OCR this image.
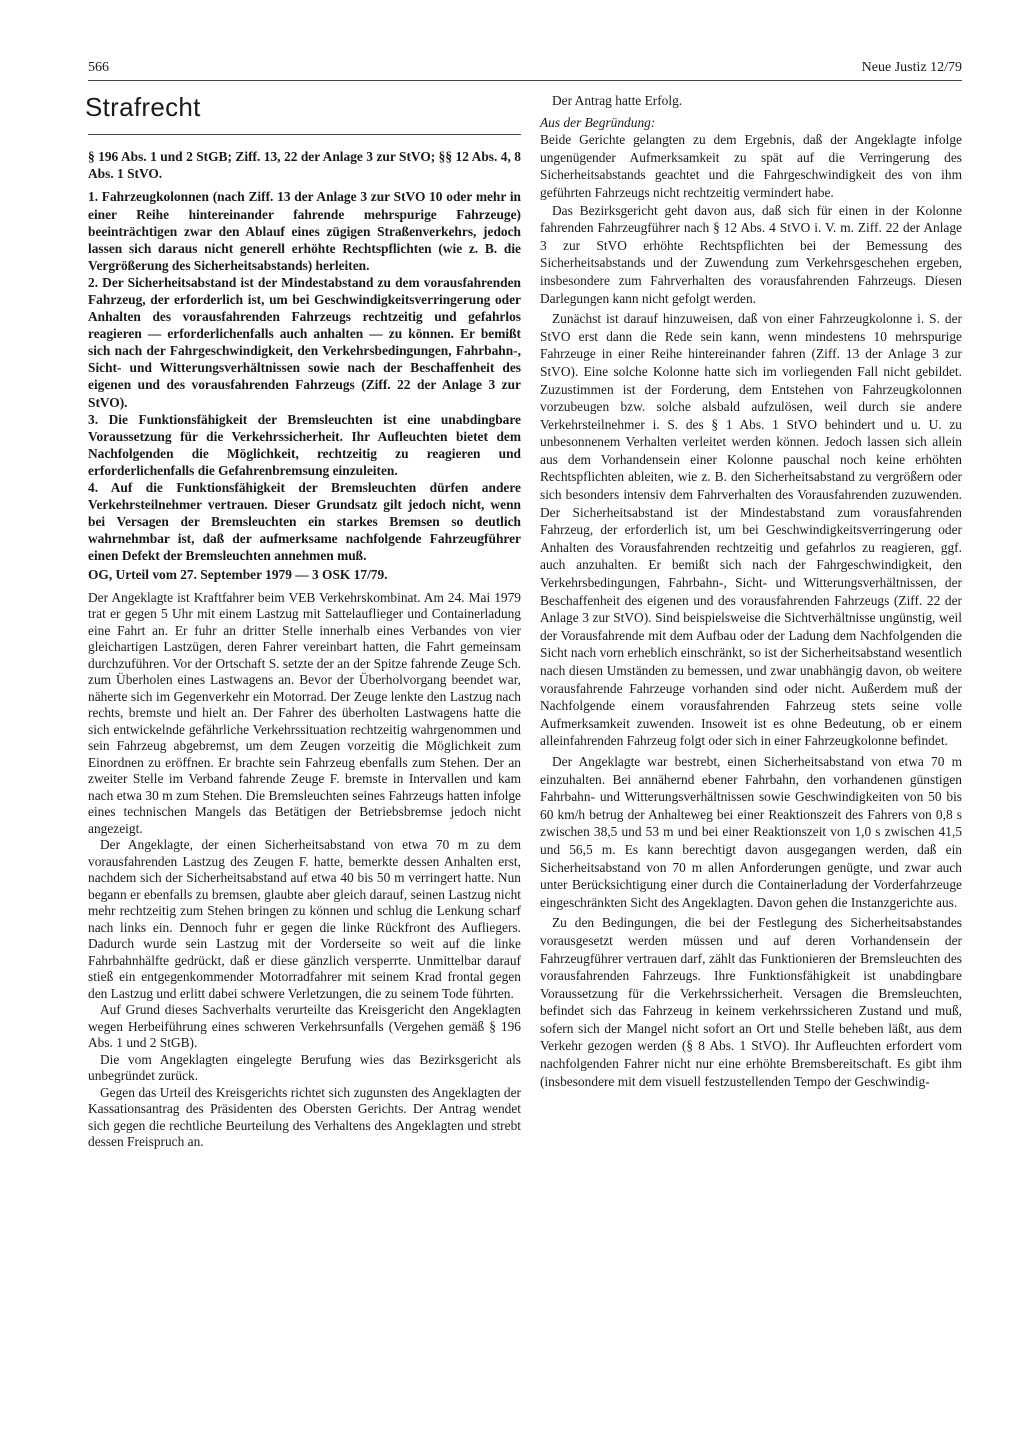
566	Neue Justiz 12/79
Strafrecht

§ 196 Abs. 1 und 2 StGB; Ziff. 13, 22 der Anlage 3 zur StVO; §§ 12 Abs. 4, 8 Abs. 1 StVO.

1. Fahrzeugkolonnen (nach Ziff. 13 der Anlage 3 zur StVO 10 oder mehr in einer Reihe hintereinander fahrende mehrspurige Fahrzeuge) beeinträchtigen zwar den Ablauf eines zügigen Straßenverkehrs, jedoch lassen sich daraus nicht generell erhöhte Rechtspflichten (wie z. B. die Vergrößerung des Sicherheitsabstands) herleiten.

2. Der Sicherheitsabstand ist der Mindestabstand zu dem vorausfahrenden Fahrzeug, der erforderlich ist, um bei Geschwindigkeitsverringerung oder Anhalten des vorausfahrenden Fahrzeugs rechtzeitig und gefahrlos reagieren — erforderlichenfalls auch anhalten — zu können. Er bemißt sich nach der Fahrgeschwindigkeit, den Verkehrsbedingungen, Fahrbahn-, Sicht- und Witterungsverhältnissen sowie nach der Beschaffenheit des eigenen und des vorausfahrenden Fahrzeugs (Ziff. 22 der Anlage 3 zur StVO).

3. Die Funktionsfähigkeit der Bremsleuchten ist eine unabdingbare Voraussetzung für die Verkehrssicherheit. Ihr Aufleuchten bietet dem Nachfolgenden die Möglichkeit, rechtzeitig zu reagieren und erforderlichenfalls die Gefahrenbremsung einzuleiten.

4. Auf die Funktionsfähigkeit der Bremsleuchten dürfen andere Verkehrsteilnehmer vertrauen. Dieser Grundsatz gilt jedoch nicht, wenn bei Versagen der Bremsleuchten ein starkes Bremsen so deutlich wahrnehmbar ist, daß der aufmerksame nachfolgende Fahrzeugführer einen Defekt der Bremsleuchten annehmen muß.

OG, Urteil vom 27. September 1979 — 3 OSK 17/79.

Der Angeklagte ist Kraftfahrer beim VEB Verkehrskombinat. Am 24. Mai 1979 trat er gegen 5 Uhr mit einem Lastzug mit Sattelauflieger und Containerladung eine Fahrt an. Er fuhr an dritter Stelle innerhalb eines Verbandes von vier gleichartigen Lastzügen, deren Fahrer vereinbart hatten, die Fahrt gemeinsam durchzuführen. Vor der Ortschaft S. setzte der an der Spitze fahrende Zeuge Sch. zum Überholen eines Lastwagens an. Bevor der Überholvorgang beendet war, näherte sich im Gegenverkehr ein Motorrad. Der Zeuge lenkte den Lastzug nach rechts, bremste und hielt an. Der Fahrer des überholten Lastwagens hatte die sich entwickelnde gefährliche Verkehrssituation rechtzeitig wahrgenommen und sein Fahrzeug abgebremst, um dem Zeugen vorzeitig die Möglichkeit zum Einordnen zu eröffnen. Er brachte sein Fahrzeug ebenfalls zum Stehen. Der an zweiter Stelle im Verband fahrende Zeuge F. bremste in Intervallen und kam nach etwa 30 m zum Stehen. Die Bremsleuchten seines Fahrzeugs hatten infolge eines technischen Mangels das Betätigen der Betriebsbremse jedoch nicht angezeigt.

Der Angeklagte, der einen Sicherheitsabstand von etwa 70 m zu dem vorausfahrenden Lastzug des Zeugen F. hatte, bemerkte dessen Anhalten erst, nachdem sich der Sicherheitsabstand auf etwa 40 bis 50 m verringert hatte. Nun begann er ebenfalls zu bremsen, glaubte aber gleich darauf, seinen Lastzug nicht mehr rechtzeitig zum Stehen bringen zu können und schlug die Lenkung scharf nach links ein. Dennoch fuhr er gegen die linke Rückfront des Aufliegers. Dadurch wurde sein Lastzug mit der Vorderseite so weit auf die linke Fahrbahnhälfte gedrückt, daß er diese gänzlich versperrte. Unmittelbar darauf stieß ein entgegenkommender Motorradfahrer mit seinem Krad frontal gegen den Lastzug und erlitt dabei schwere Verletzungen, die zu seinem Tode führten.

Auf Grund dieses Sachverhalts verurteilte das Kreisgericht den Angeklagten wegen Herbeiführung eines schweren Verkehrsunfalls (Vergehen gemäß § 196 Abs. 1 und 2 StGB).

Die vom Angeklagten eingelegte Berufung wies das Bezirksgericht als unbegründet zurück.

Gegen das Urteil des Kreisgerichts richtet sich zugunsten des Angeklagten der Kassationsantrag des Präsidenten des Obersten Gerichts. Der Antrag wendet sich gegen die rechtliche Beurteilung des Verhaltens des Angeklagten und strebt dessen Freispruch an.

Der Antrag hatte Erfolg.

Aus der Begründung:

Beide Gerichte gelangten zu dem Ergebnis, daß der Angeklagte infolge ungenügender Aufmerksamkeit zu spät auf die Verringerung des Sicherheitsabstands geachtet und die Fahrgeschwindigkeit des von ihm geführten Fahrzeugs nicht rechtzeitig vermindert habe.

Das Bezirksgericht geht davon aus, daß sich für einen in der Kolonne fahrenden Fahrzeugführer nach § 12 Abs. 4 StVO i. V. m. Ziff. 22 der Anlage 3 zur StVO erhöhte Rechtspflichten bei der Bemessung des Sicherheitsabstands und der Zuwendung zum Verkehrsgeschehen ergeben, insbesondere zum Fahrverhalten des vorausfahrenden Fahrzeugs. Diesen Darlegungen kann nicht gefolgt werden.

Zunächst ist darauf hinzuweisen, daß von einer Fahrzeugkolonne i. S. der StVO erst dann die Rede sein kann, wenn mindestens 10 mehrspurige Fahrzeuge in einer Reihe hintereinander fahren (Ziff. 13 der Anlage 3 zur StVO). Eine solche Kolonne hatte sich im vorliegenden Fall nicht gebildet. Zuzustimmen ist der Forderung, dem Entstehen von Fahrzeugkolonnen vorzubeugen bzw. solche alsbald aufzulösen, weil durch sie andere Verkehrsteilnehmer i. S. des § 1 Abs. 1 StVO behindert und u. U. zu unbesonnenem Verhalten verleitet werden können. Jedoch lassen sich allein aus dem Vorhandensein einer Kolonne pauschal noch keine erhöhten Rechtspflichten ableiten, wie z. B. den Sicherheitsabstand zu vergrößern oder sich besonders intensiv dem Fahrverhalten des Vorausfahrenden zuzuwenden. Der Sicherheitsabstand ist der Mindestabstand zum vorausfahrenden Fahrzeug, der erforderlich ist, um bei Geschwindigkeitsverringerung oder Anhalten des Vorausfahrenden rechtzeitig und gefahrlos zu reagieren, ggf. auch anzuhalten. Er bemißt sich nach der Fahrgeschwindigkeit, den Verkehrsbedingungen, Fahrbahn-, Sicht- und Witterungsverhältnissen, der Beschaffenheit des eigenen und des vorausfahrenden Fahrzeugs (Ziff. 22 der Anlage 3 zur StVO). Sind beispielsweise die Sichtverhältnisse ungünstig, weil der Vorausfahrende mit dem Aufbau oder der Ladung dem Nachfolgenden die Sicht nach vorn erheblich einschränkt, so ist der Sicherheitsabstand wesentlich nach diesen Umständen zu bemessen, und zwar unabhängig davon, ob weitere vorausfahrende Fahrzeuge vorhanden sind oder nicht. Außerdem muß der Nachfolgende einem vorausfahrenden Fahrzeug stets seine volle Aufmerksamkeit zuwenden. Insoweit ist es ohne Bedeutung, ob er einem alleinfahrenden Fahrzeug folgt oder sich in einer Fahrzeugkolonne befindet.

Der Angeklagte war bestrebt, einen Sicherheitsabstand von etwa 70 m einzuhalten. Bei annähernd ebener Fahrbahn, den vorhandenen günstigen Fahrbahn- und Witterungsverhältnissen sowie Geschwindigkeiten von 50 bis 60 km/h betrug der Anhalteweg bei einer Reaktionszeit des Fahrers von 0,8 s zwischen 38,5 und 53 m und bei einer Reaktionszeit von 1,0 s zwischen 41,5 und 56,5 m. Es kann berechtigt davon ausgegangen werden, daß ein Sicherheitsabstand von 70 m allen Anforderungen genügte, und zwar auch unter Berücksichtigung einer durch die Containerladung der Vorderfahrzeuge eingeschränkten Sicht des Angeklagten. Davon gehen die Instanzgerichte aus.

Zu den Bedingungen, die bei der Festlegung des Sicherheitsabstandes vorausgesetzt werden müssen und auf deren Vorhandensein der Fahrzeugführer vertrauen darf, zählt das Funktionieren der Bremsleuchten des vorausfahrenden Fahrzeugs. Ihre Funktionsfähigkeit ist unabdingbare Voraussetzung für die Verkehrssicherheit. Versagen die Bremsleuchten, befindet sich das Fahrzeug in keinem verkehrssicheren Zustand und muß, sofern sich der Mangel nicht sofort an Ort und Stelle beheben läßt, aus dem Verkehr gezogen werden (§ 8 Abs. 1 StVO). Ihr Aufleuchten erfordert vom nachfolgenden Fahrer nicht nur eine erhöhte Bremsbereitschaft. Es gibt ihm (insbesondere mit dem visuell festzustellenden Tempo der Geschwindig-
